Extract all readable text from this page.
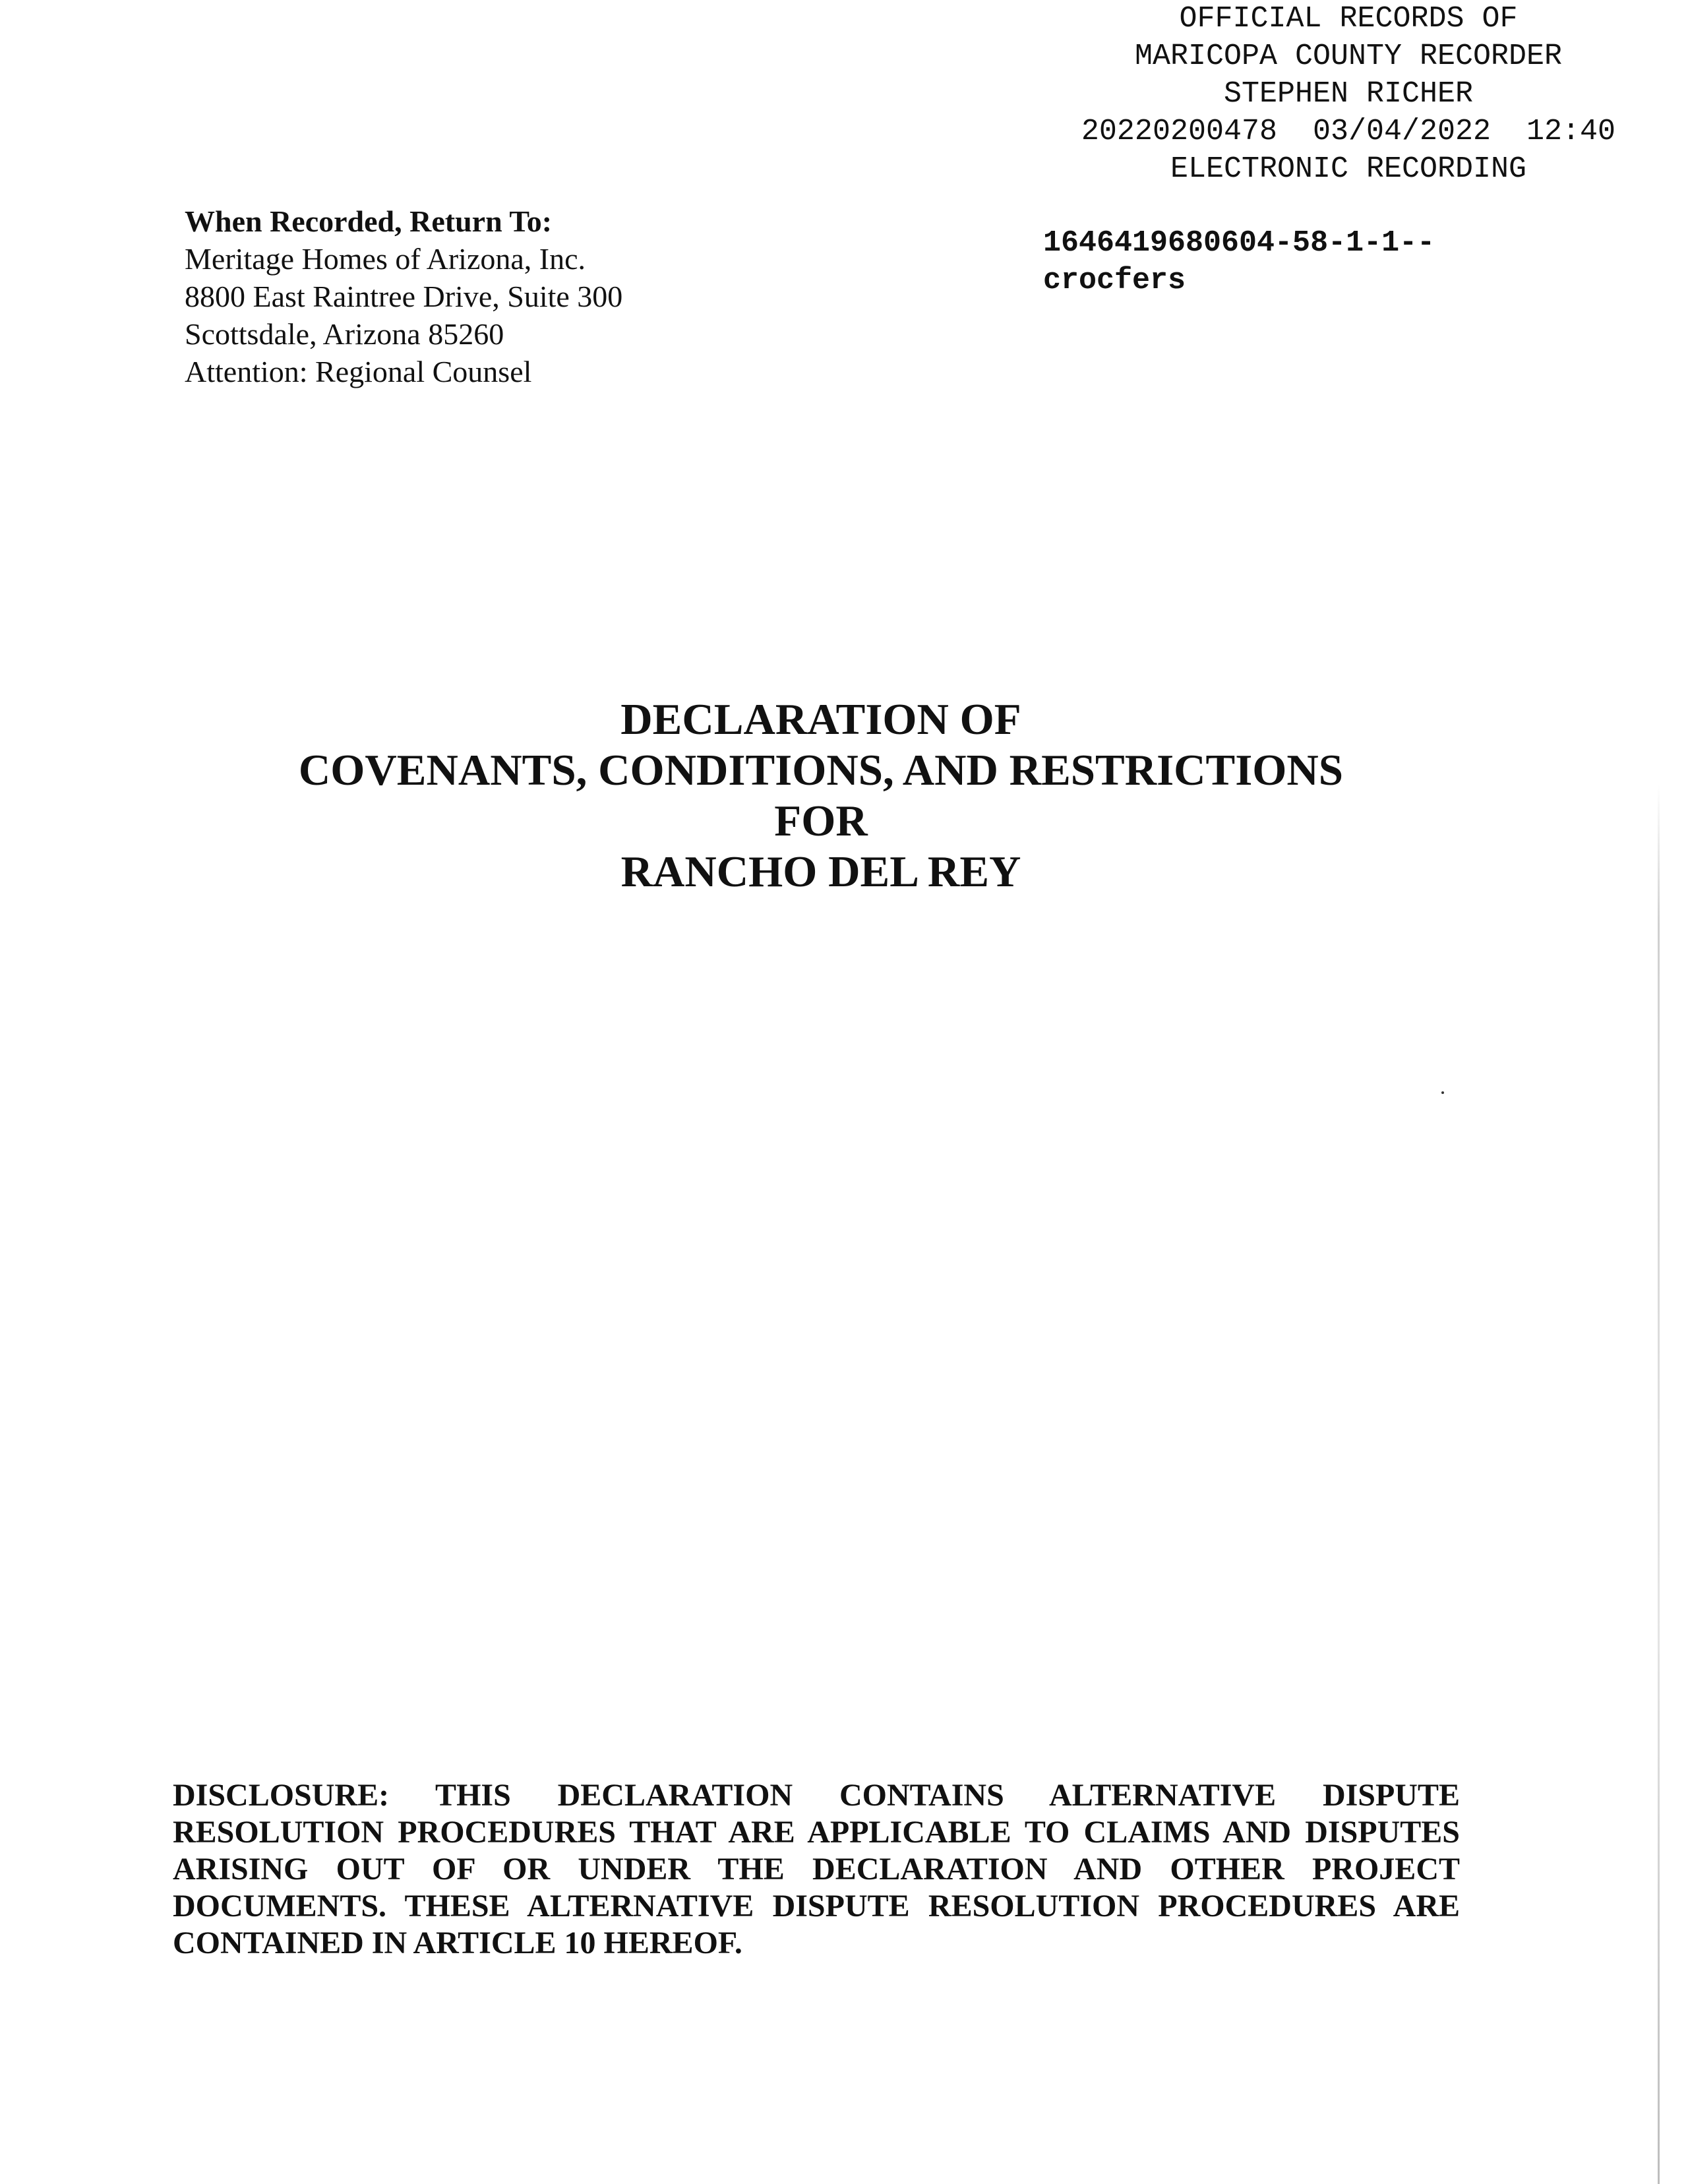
OFFICIAL RECORDS OF
MARICOPA COUNTY RECORDER
STEPHEN RICHER
20220200478  03/04/2022  12:40
ELECTRONIC RECORDING
1646419680604-58-1-1--
crocfers
When Recorded, Return To:
Meritage Homes of Arizona, Inc.
8800 East Raintree Drive, Suite 300
Scottsdale, Arizona 85260
Attention: Regional Counsel
DECLARATION OF
COVENANTS, CONDITIONS, AND RESTRICTIONS
FOR
RANCHO DEL REY
DISCLOSURE: THIS DECLARATION CONTAINS ALTERNATIVE DISPUTE RESOLUTION PROCEDURES THAT ARE APPLICABLE TO CLAIMS AND DISPUTES ARISING OUT OF OR UNDER THE DECLARATION AND OTHER PROJECT DOCUMENTS. THESE ALTERNATIVE DISPUTE RESOLUTION PROCEDURES ARE CONTAINED IN ARTICLE 10 HEREOF.
